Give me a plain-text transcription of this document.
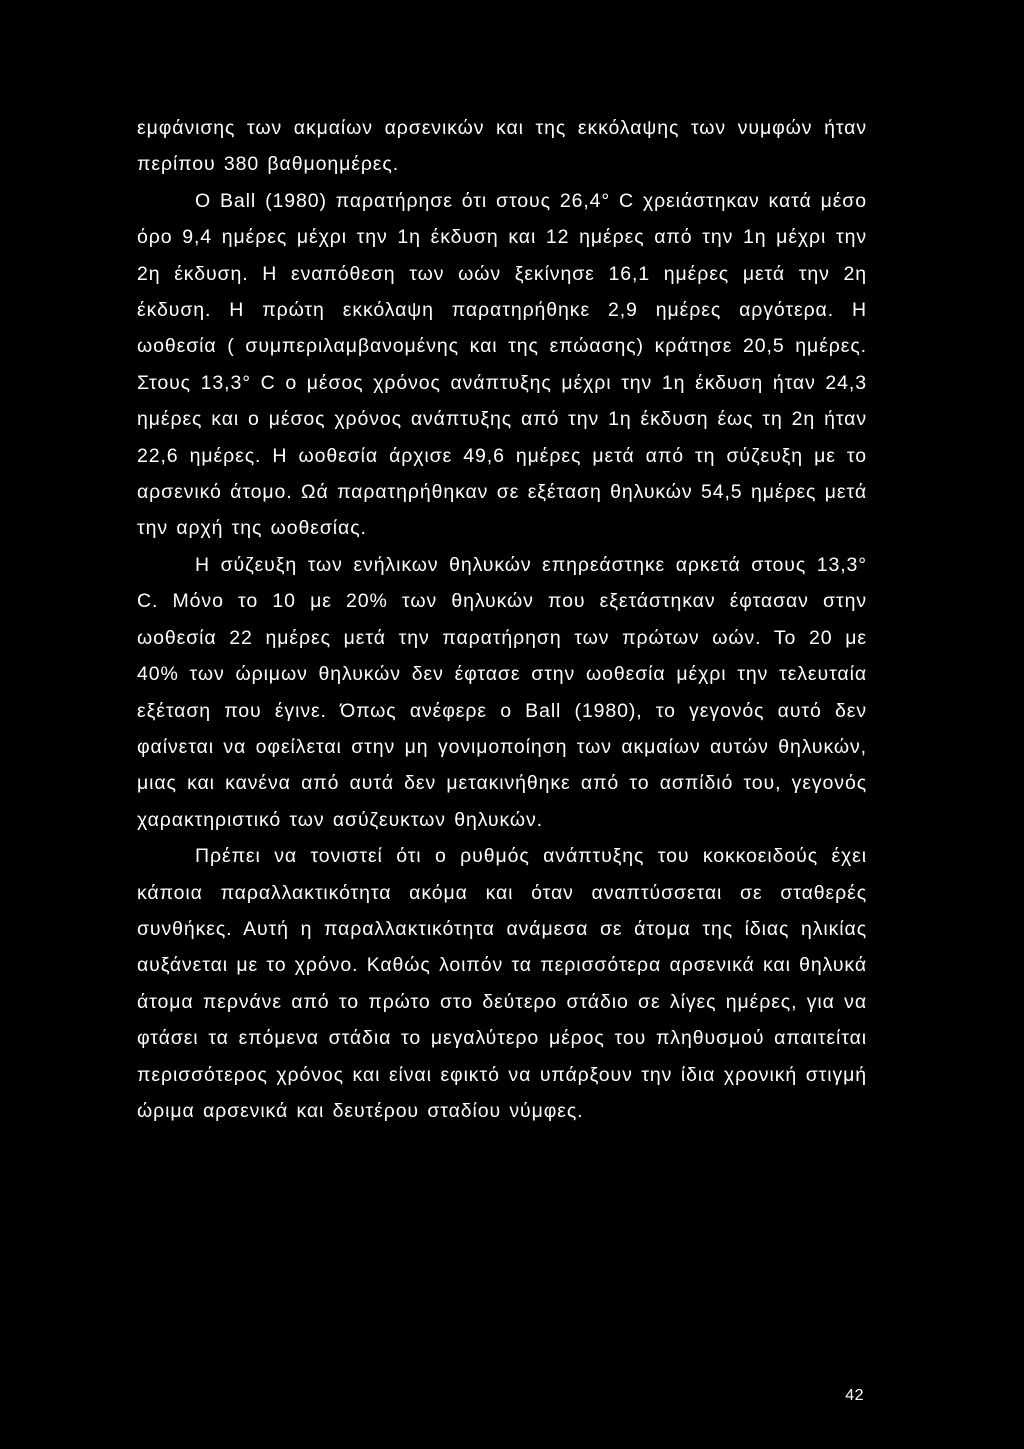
εμφάνισης των ακμαίων αρσενικών και της εκκόλαψης των νυμφών ήταν περίπου 380 βαθμοημέρες.

Ο Ball (1980) παρατήρησε ότι στους 26,4° C χρειάστηκαν κατά μέσο όρο 9,4 ημέρες μέχρι την 1η έκδυση και 12 ημέρες από την 1η μέχρι την 2η έκδυση. Η εναπόθεση των ωών ξεκίνησε 16,1 ημέρες μετά την 2η έκδυση. Η πρώτη εκκόλαψη παρατηρήθηκε 2,9 ημέρες αργότερα. Η ωοθεσία ( συμπεριλαμβανομένης και της επώασης) κράτησε 20,5 ημέρες. Στους 13,3° C ο μέσος χρόνος ανάπτυξης μέχρι την 1η έκδυση ήταν 24,3 ημέρες και ο μέσος χρόνος ανάπτυξης από την 1η έκδυση έως τη 2η ήταν 22,6 ημέρες. Η ωοθεσία άρχισε 49,6 ημέρες μετά από τη σύζευξη με το αρσενικό άτομο. Ωά παρατηρήθηκαν σε εξέταση θηλυκών 54,5 ημέρες μετά την αρχή της ωοθεσίας.

Η σύζευξη των ενήλικων θηλυκών επηρεάστηκε αρκετά στους 13,3° C. Μόνο το 10 με 20% των θηλυκών που εξετάστηκαν έφτασαν στην ωοθεσία 22 ημέρες μετά την παρατήρηση των πρώτων ωών. Το 20 με 40% των ώριμων θηλυκών δεν έφτασε στην ωοθεσία μέχρι την τελευταία εξέταση που έγινε. Όπως ανέφερε ο Ball (1980), το γεγονός αυτό δεν φαίνεται να οφείλεται στην μη γονιμοποίηση των ακμαίων αυτών θηλυκών, μιας και κανένα από αυτά δεν μετακινήθηκε από το ασπίδιό του, γεγονός χαρακτηριστικό των ασύζευκτων θηλυκών.

Πρέπει να τονιστεί ότι ο ρυθμός ανάπτυξης του κοκκοειδούς έχει κάποια παραλλακτικότητα ακόμα και όταν αναπτύσσεται σε σταθερές συνθήκες. Αυτή η παραλλακτικότητα ανάμεσα σε άτομα της ίδιας ηλικίας αυξάνεται με το χρόνο. Καθώς λοιπόν τα περισσότερα αρσενικά και θηλυκά άτομα περνάνε από το πρώτο στο δεύτερο στάδιο σε λίγες ημέρες, για να φτάσει τα επόμενα στάδια το μεγαλύτερο μέρος του πληθυσμού απαιτείται περισσότερος χρόνος και είναι εφικτό να υπάρξουν την ίδια χρονική στιγμή ώριμα αρσενικά και δευτέρου σταδίου νύμφες.

42
